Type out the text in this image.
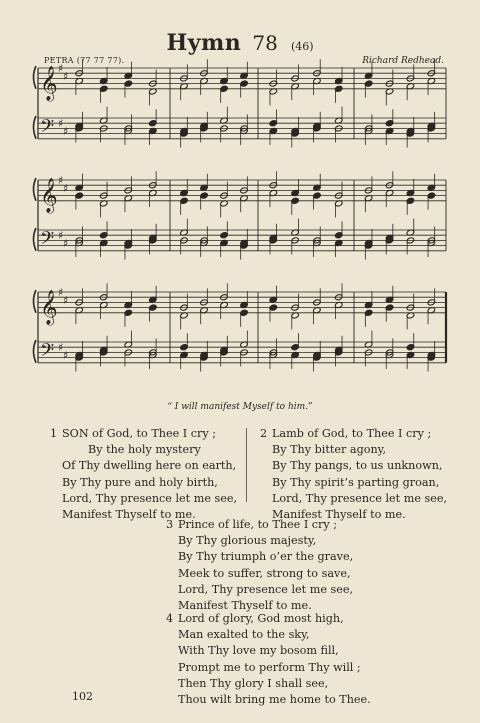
Hymn 78 (46)
PETRA (77 77 77).	Richard Redhead.
𝄞
𝄢
♯
♯
♯
♯
𝄞
𝄢
♯
♯
♯
♯
𝄞
𝄢
♯
♯
♯
♯
“ I will manifest Myself to him.”
1 SON of God, to Thee I cry ;
By the holy mystery
Of Thy dwelling here on earth,
By Thy pure and holy birth,
Lord, Thy presence let me see,
Manifest Thyself to me.
2 Lamb of God, to Thee I cry ;
By Thy bitter agony,
By Thy pangs, to us unknown,
By Thy spirit’s parting groan,
Lord, Thy presence let me see,
Manifest Thyself to me.
3 Prince of life, to Thee I cry ;
By Thy glorious majesty,
By Thy triumph o’er the grave,
Meek to suffer, strong to save,
Lord, Thy presence let me see,
Manifest Thyself to me.
4 Lord of glory, God most high,
Man exalted to the sky,
With Thy love my bosom fill,
Prompt me to perform Thy will ;
Then Thy glory I shall see,
Thou wilt bring me home to Thee.
102
